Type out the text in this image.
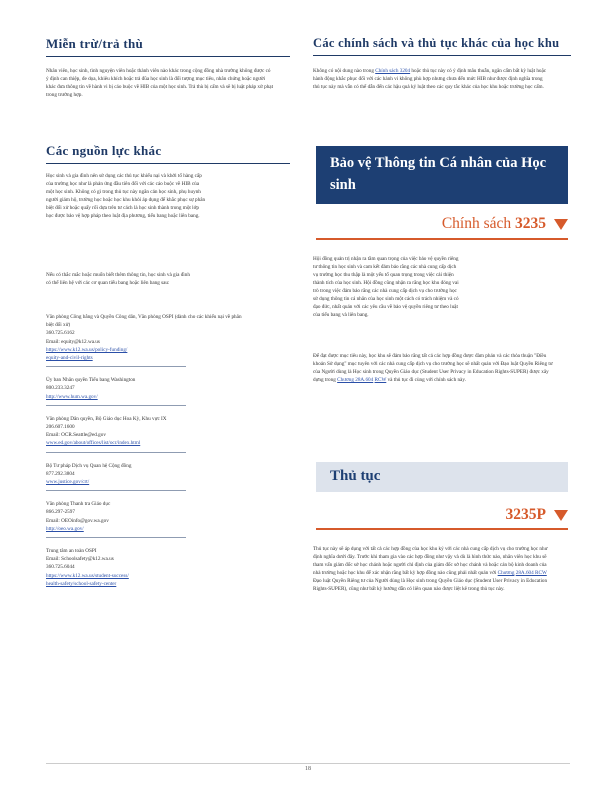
Miễn trừ/trả thù

Nhân viên, học sinh, tình nguyện viên hoặc thành viên nào khác trong cộng đồng nhà trường không được có ý định can thiệp, đe dọa, khiêu khích hoặc trả đũa học sinh là đối tượng mục tiêu, nhân chứng hoặc người khác đưa thông tin về hành vi bị cáo buộc về HIB của một học sinh. Trả thù bị cấm và sẽ bị luật pháp xử phạt trong trường hợp.

Các nguồn lực khác

Học sinh và gia đình nên sử dụng các thủ tục khiếu nại và khởi tố hàng cấp của trường học như là phản ứng đầu tiên đối với các cáo buộc về HIB của một học sinh. Không có gì trong thủ tục này ngăn cản học sinh, phụ huynh người giám hộ, trường học hoặc học khu khỏi áp dụng để khắc phục sự phân biệt đối xử hoặc quấy rối dựa trên tư cách là học sinh thành trong một lớp học được bảo vệ hợp pháp theo luật địa phương, tiểu bang hoặc liên bang.

Nếu có thắc mắc hoặc muốn biết thêm thông tin, học sinh và gia đình có thể liên hệ với các cơ quan tiểu bang hoặc liên bang sau:

Văn phòng Công bằng và Quyền Công dân, Văn phòng OSPI (dành cho các khiếu nại về phân biệt đối xử)
360.725.6162
Email: equity@k12.wa.us
https://www.k12.wa.us/policy-funding/
equity-and-civil-rights
Ủy ban Nhân quyền Tiểu bang Washington
800.233.3247
http://www.hum.wa.gov/
Văn phòng Dân quyền, Bộ Giáo dục Hoa Kỳ, Khu vực IX
206.607.1600
Email: OCR.Seattle@ed.gov
www.ed.gov/about/offices/list/ocr/index.html
Bộ Tư pháp Dịch vụ Quan hệ Cộng đồng
877.292.3804
www.justice.gov/crt/
Văn phòng Thanh tra Giáo dục
866.297-2597
Email: OEOinfo@gov.wa.gov
http://oeo.wa.gov/
Trung tâm an toàn OSPI
Email: Schoolsafety@k12.wa.us
360.725.6044
https://www.k12.wa.us/student-success/
health-safety/school-safety-center
Các chính sách và thủ tục khác của học khu

Không có nội dung nào trong Chính sách 3204 hoặc thủ tục này có ý định mâu thuẫn, ngăn cấm bất kỳ luật hoặc hành động khắc phục đối với các hành vi không phù hợp nhưng chưa đến mức HIB như được định nghĩa trong thủ tục này mà vẫn có thể dẫn đến các hậu quả kỷ luật theo các quy tắc khác của học khu hoặc trường học cấm.

Bảo vệ Thông tin Cá nhân của Học sinh
Chính sách 3235

Hội đồng quản trị nhận ra tầm quan trọng của việc bảo vệ quyền riêng tư thông tin học sinh và cam kết đảm bảo rằng các nhà cung cấp dịch vụ trường học thu thập là một yếu tố quan trọng trong việc cải thiện thành tích của học sinh. Hội đồng cũng nhận ra rằng học khu đóng vai trò trong việc đảm bảo rằng các nhà cung cấp dịch vụ cho trường học sử dụng thông tin cá nhân của học sinh một cách có trách nhiệm và có đạo đức, nhất quán với các yêu cầu về bảo vệ quyền riêng tư theo luật của tiểu bang và liên bang.

Để đạt được mục tiêu này, học khu sẽ đảm bảo rằng tất cả các hợp đồng được đàm phán và các thỏa thuận "Điều khoản Sử dụng" mục tuyên với các nhà cung cấp dịch vụ cho trường học sẽ nhất quán với Đạo luật Quyền Riêng tư của Người dùng là Học sinh trong Quyền Giáo dục (Student User Privacy in Education Rights-SUPER) được xây dựng trong Chương 28A.604 RCW và thủ tục đi cùng với chính sách này.

Thủ tục
3235P

Thủ tục này sẽ áp dụng với tất cả các hợp đồng của học khu ký với các nhà cung cấp dịch vụ cho trường học như định nghĩa dưới đây. Trước khi tham gia vào các hợp đồng như vậy và dù là hình thức nào, nhân viên học khu sẽ tham vấn giám đốc sở học chánh hoặc người chỉ định của giám đốc sở học chánh và hoặc cán bộ kinh doanh của nhà trường hoặc học khu để xác nhận rằng bất kỳ hợp đồng nào cũng phải nhất quán với Chương 28A.604 RCW Đạo luật Quyền Riêng tư của Người dùng là Học sinh trong Quyền Giáo dục (Student User Privacy in Education Rights-SUPER), cũng như bất kỳ hướng dẫn có liên quan nào được liệt kê trong thủ tục này.

18
